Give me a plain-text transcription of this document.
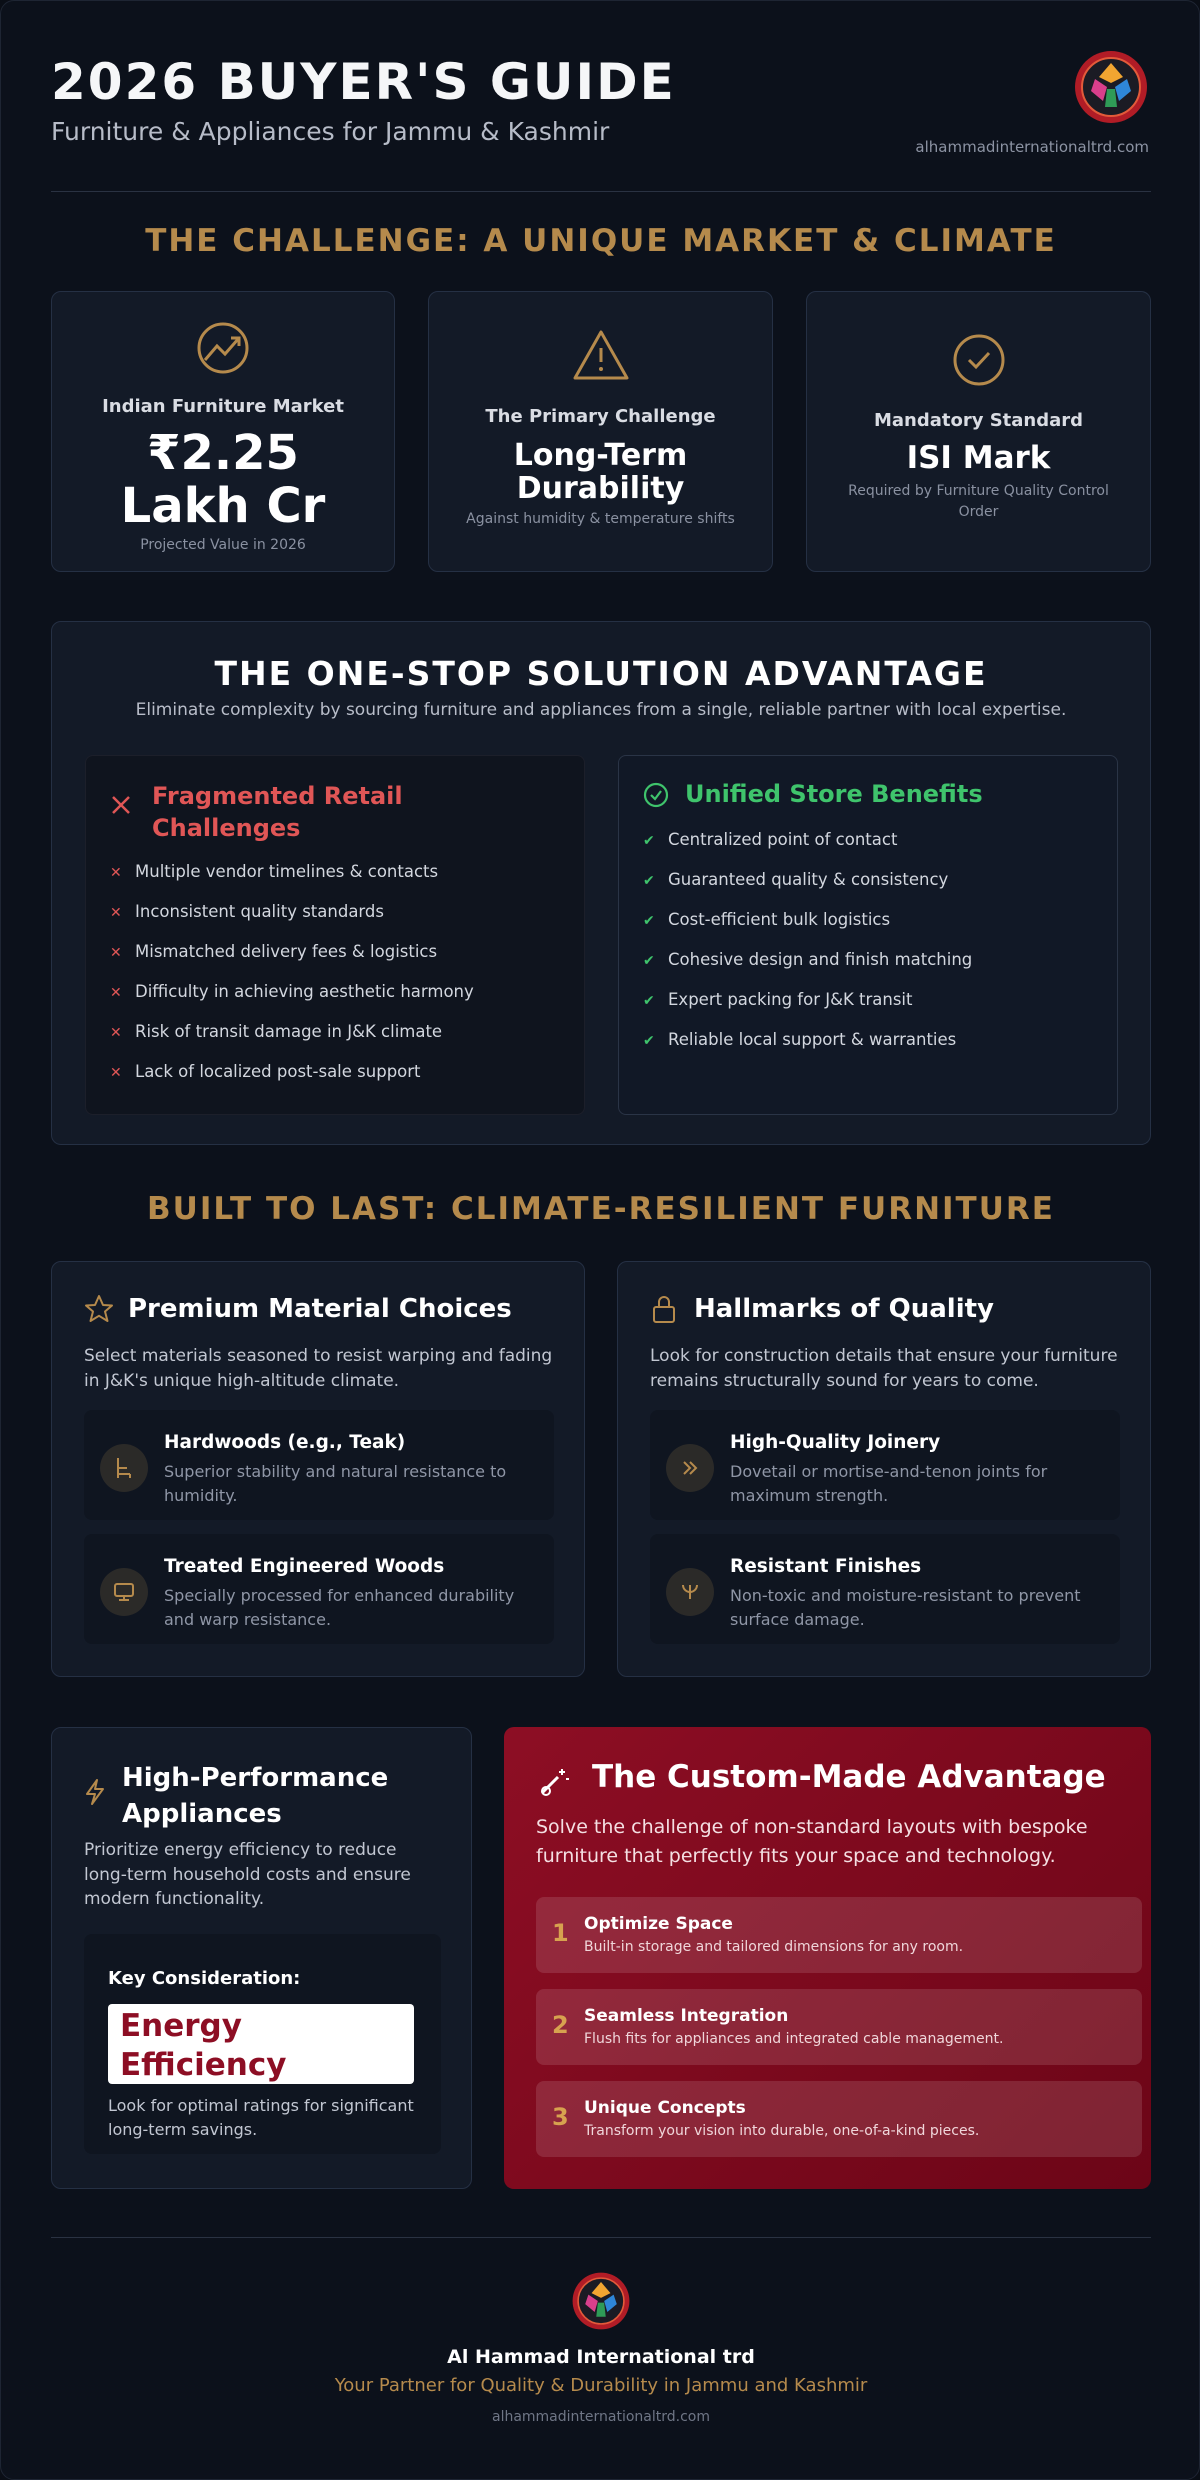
2026 BUYER'S GUIDE
Furniture & Appliances for Jammu & Kashmir
alhammadinternationaltrd.com
THE CHALLENGE: A UNIQUE MARKET & CLIMATE
Indian Furniture Market
₹2.25 Lakh Cr
Projected Value in 2026
The Primary Challenge
Long-Term Durability
Against humidity & temperature shifts
Mandatory Standard
ISI Mark
Required by Furniture Quality Control Order
THE ONE-STOP SOLUTION ADVANTAGE
Eliminate complexity by sourcing furniture and appliances from a single, reliable partner with local expertise.
Fragmented Retail Challenges
✕ Multiple vendor timelines & contacts
✕ Inconsistent quality standards
✕ Mismatched delivery fees & logistics
✕ Difficulty in achieving aesthetic harmony
✕ Risk of transit damage in J&K climate
✕ Lack of localized post-sale support
Unified Store Benefits
✔ Centralized point of contact
✔ Guaranteed quality & consistency
✔ Cost-efficient bulk logistics
✔ Cohesive design and finish matching
✔ Expert packing for J&K transit
✔ Reliable local support & warranties
BUILT TO LAST: CLIMATE-RESILIENT FURNITURE
Premium Material Choices
Select materials seasoned to resist warping and fading in J&K's unique high-altitude climate.
Hardwoods (e.g., Teak)
Superior stability and natural resistance to humidity.
Treated Engineered Woods
Specially processed for enhanced durability and warp resistance.
Hallmarks of Quality
Look for construction details that ensure your furniture remains structurally sound for years to come.
High-Quality Joinery
Dovetail or mortise-and-tenon joints for maximum strength.
Resistant Finishes
Non-toxic and moisture-resistant to prevent surface damage.
High-Performance Appliances
Prioritize energy efficiency to reduce long-term household costs and ensure modern functionality.
Key Consideration:
Energy Efficiency
Look for optimal ratings for significant long-term savings.
The Custom-Made Advantage
Solve the challenge of non-standard layouts with bespoke furniture that perfectly fits your space and technology.
1 Optimize Space
Built-in storage and tailored dimensions for any room.
2 Seamless Integration
Flush fits for appliances and integrated cable management.
3 Unique Concepts
Transform your vision into durable, one-of-a-kind pieces.
Al Hammad International trd
Your Partner for Quality & Durability in Jammu and Kashmir
alhammadinternationaltrd.com
